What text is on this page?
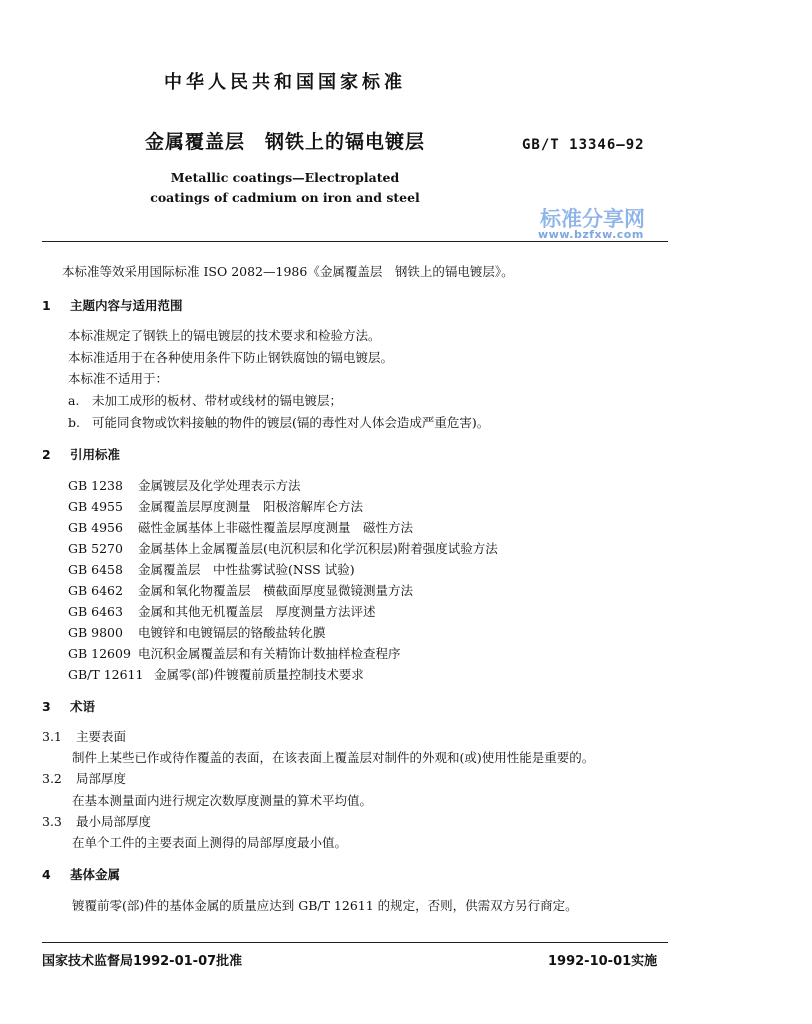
中华人民共和国国家标准
金属覆盖层　钢铁上的镉电镀层	GB/T 13346—92
Metallic coatings—Electroplated
coatings of cadmium on iron and steel
标准分享网
www.bzfxw.com
本标准等效采用国际标准 ISO 2082—1986《金属覆盖层　钢铁上的镉电镀层》。
1 主题内容与适用范围
本标准规定了钢铁上的镉电镀层的技术要求和检验方法。
本标准适用于在各种使用条件下防止钢铁腐蚀的镉电镀层。
本标准不适用于：
a. 未加工成形的板材、带材或线材的镉电镀层；
b. 可能同食物或饮料接触的物件的镀层(镉的毒性对人体会造成严重危害)。
2 引用标准
GB 1238 金属镀层及化学处理表示方法
GB 4955 金属覆盖层厚度测量　阳极溶解库仑方法
GB 4956 磁性金属基体上非磁性覆盖层厚度测量　磁性方法
GB 5270 金属基体上金属覆盖层(电沉积层和化学沉积层)附着强度试验方法
GB 6458 金属覆盖层　中性盐雾试验(NSS 试验)
GB 6462 金属和氧化物覆盖层　横截面厚度显微镜测量方法
GB 6463 金属和其他无机覆盖层　厚度测量方法评述
GB 9800 电镀锌和电镀镉层的铬酸盐转化膜
GB 12609 电沉积金属覆盖层和有关精饰计数抽样检查程序
GB/T 12611 金属零(部)件镀覆前质量控制技术要求
3 术语
3.1 主要表面
制件上某些已作或待作覆盖的表面，在该表面上覆盖层对制件的外观和(或)使用性能是重要的。
3.2 局部厚度
在基本测量面内进行规定次数厚度测量的算术平均值。
3.3 最小局部厚度
在单个工件的主要表面上测得的局部厚度最小值。
4 基体金属
镀覆前零(部)件的基体金属的质量应达到 GB/T 12611 的规定，否则，供需双方另行商定。
国家技术监督局1992-01-07批准	1992-10-01实施
